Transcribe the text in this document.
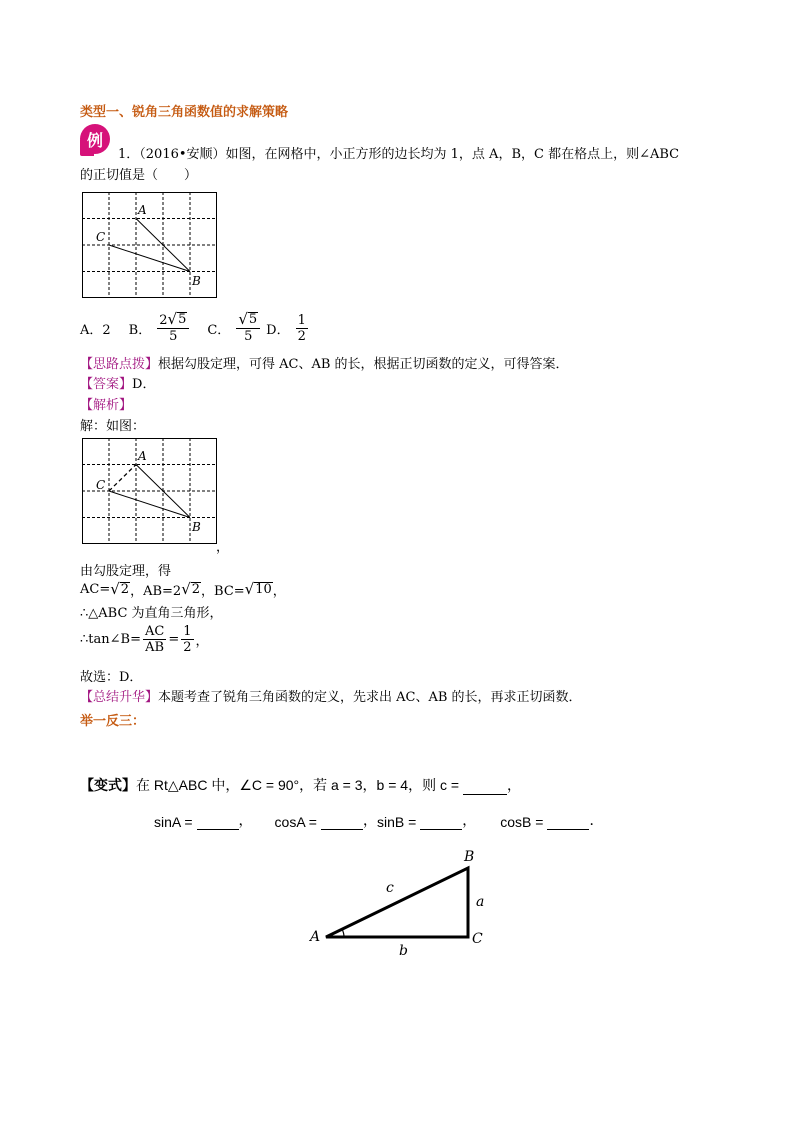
类型一、锐角三角函数值的求解策略
例
1．（2016•安顺）如图，在网格中，小正方形的边长均为 1，点 A，B，C 都在格点上，则∠ABC
的正切值是（　　）
A
C
B
A．2 B． $\frac{2 √ 5}{5}$ C． $\frac{√ 5}{5}$ D． $\frac{1}{2}$
【思路点拨】根据勾股定理，可得 AC、AB 的长，根据正切函数的定义，可得答案．
【答案】D．
【解析】
解：如图：
A
C
B
，
由勾股定理，得
AC= √ 2 ，AB=2 √ 2 ，BC= √ 10 ，
∴△ABC 为直角三角形，
∴tan∠B= $\frac{AC}{AB} = \frac{1}{2}$ ，
故选：D．
【总结升华】本题考查了锐角三角函数的定义，先求出 AC、AB 的长，再求正切函数．
举一反三：
【变式】 在 Rt△ABC 中，∠C = 90°，若 a = 3，b = 4，则 c =	，
sinA =	， cosA =	， sinB =	， cosB =	．
A
B
C
a
b
c
